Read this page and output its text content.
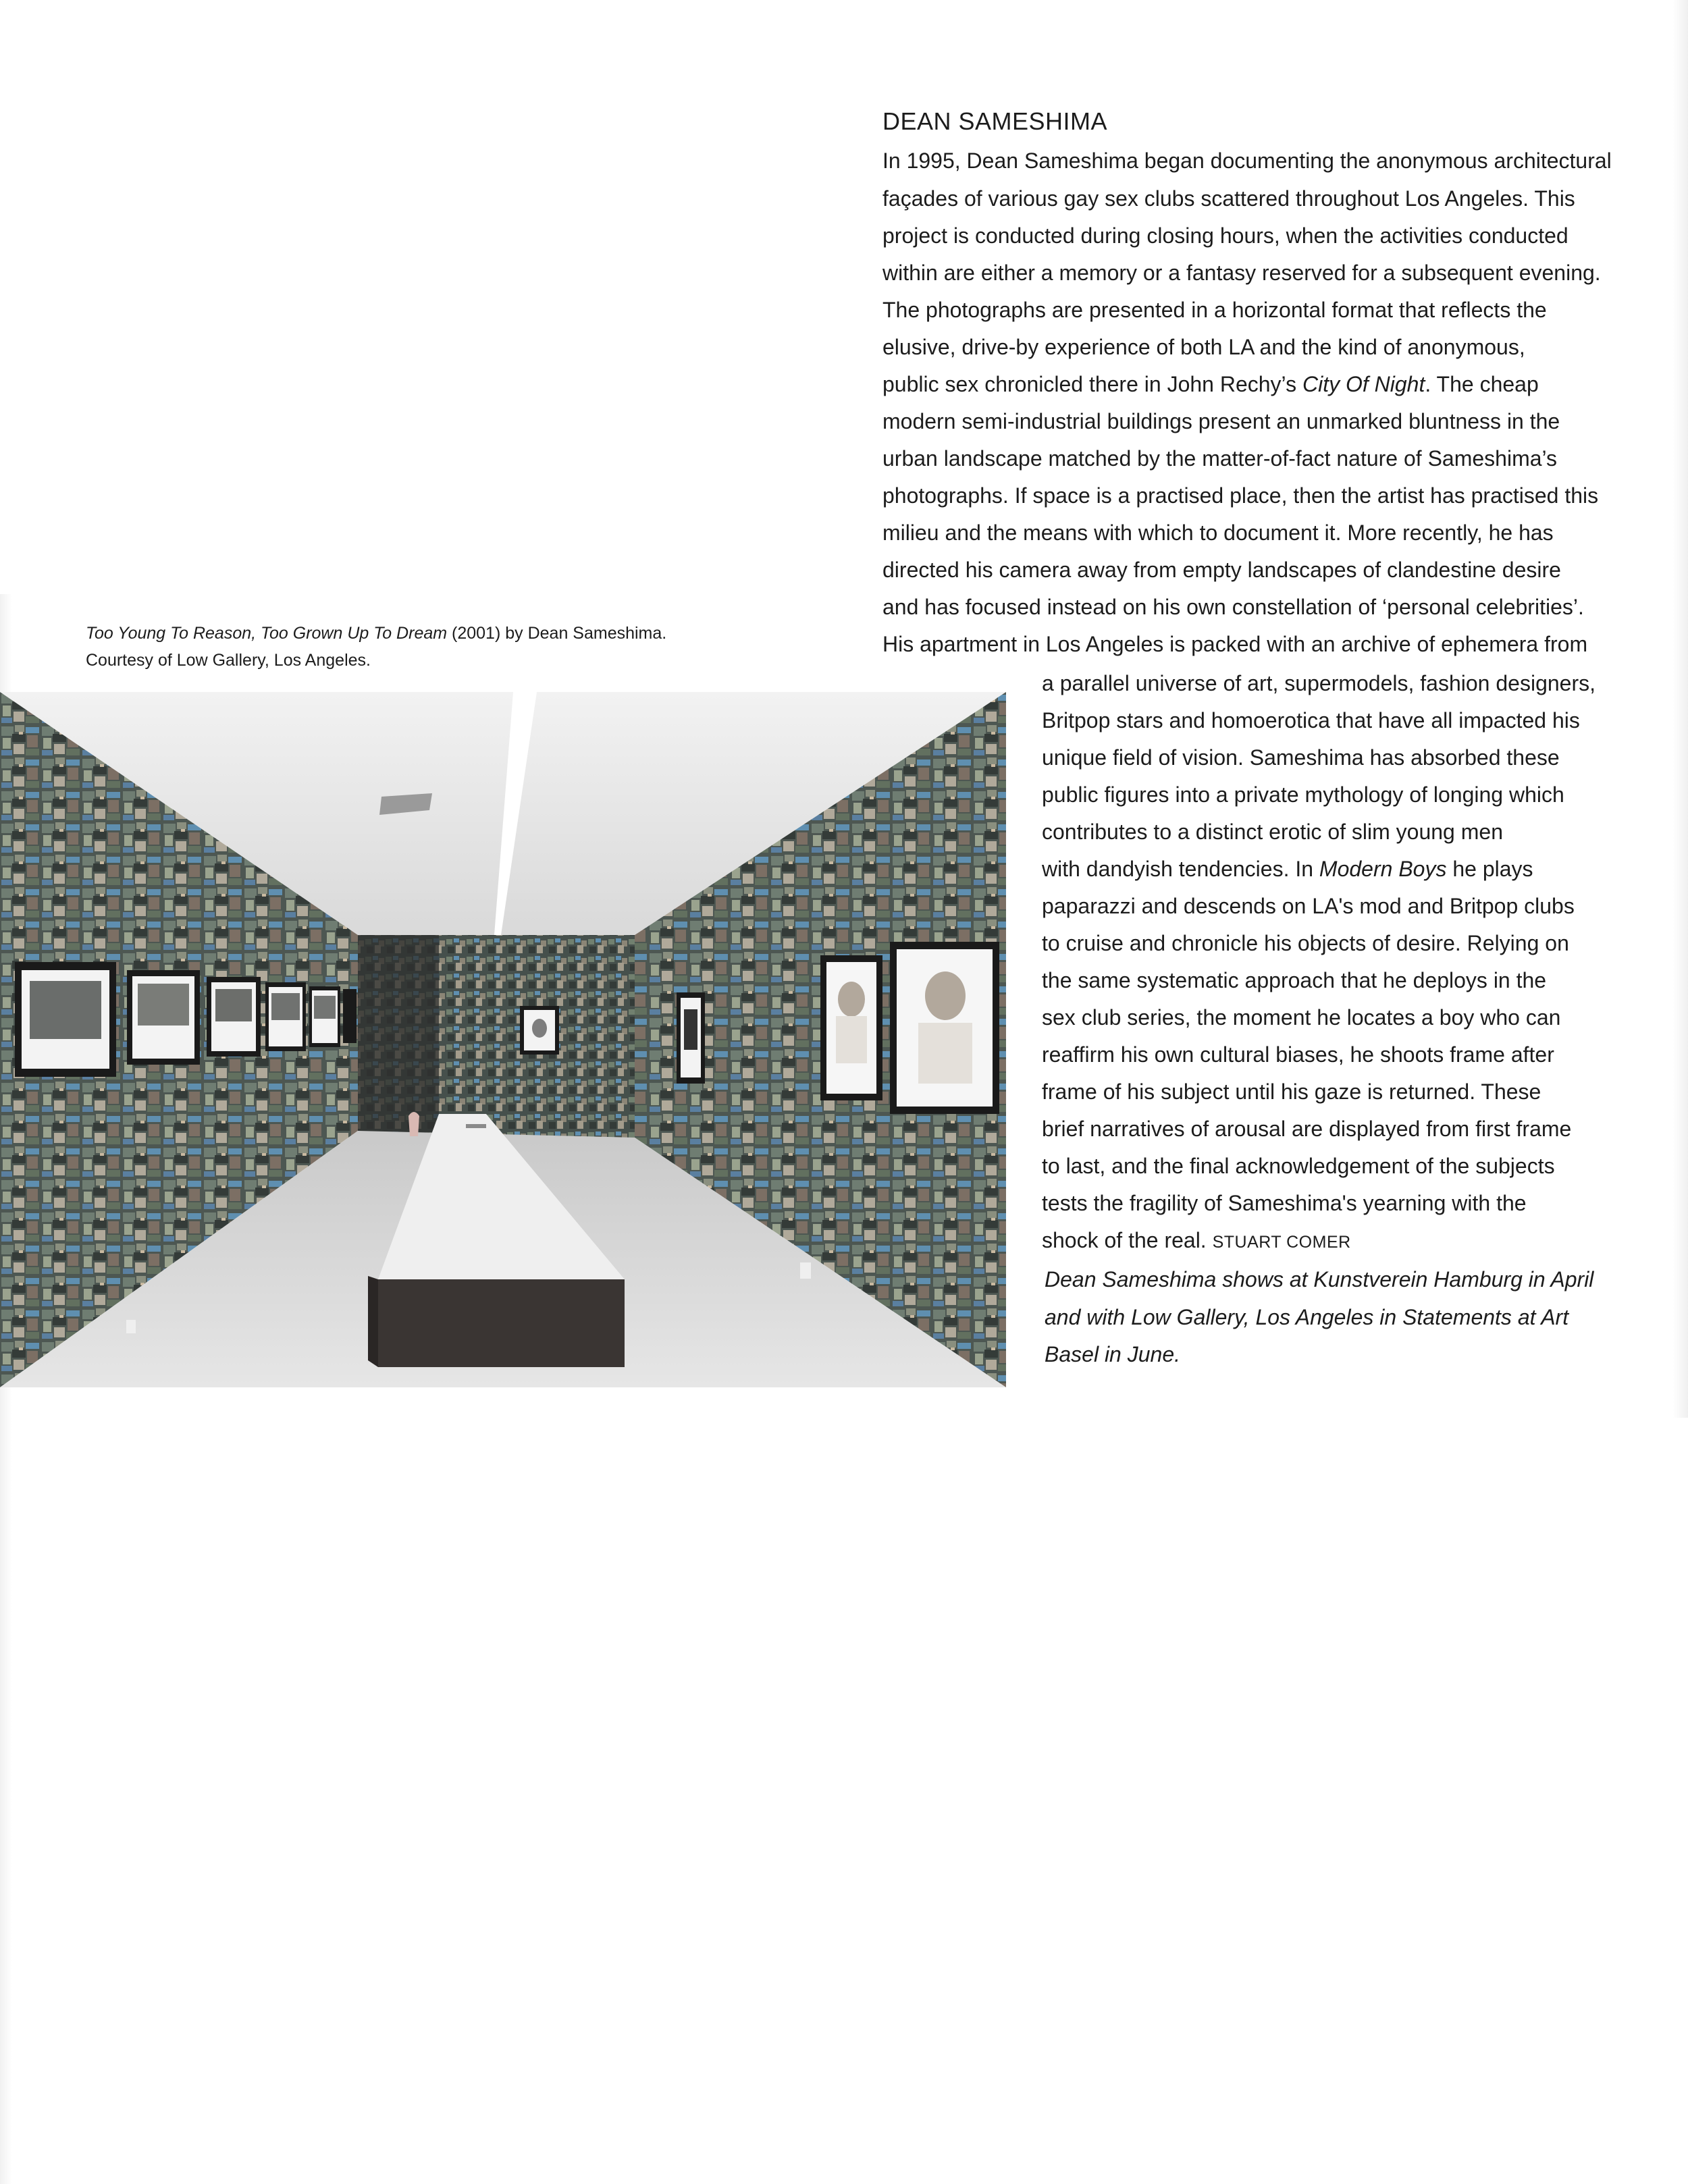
DEAN SAMESHIMA

In 1995, Dean Sameshima began documenting the anonymous architectural

façades of various gay sex clubs scattered throughout Los Angeles. This

project is conducted during closing hours, when the activities conducted

within are either a memory or a fantasy reserved for a subsequent evening.

The photographs are presented in a horizontal format that reflects the

elusive, drive-by experience of both LA and the kind of anonymous,

public sex chronicled there in John Rechy’s City Of Night. The cheap

modern semi-industrial buildings present an unmarked bluntness in the

urban landscape matched by the matter-of-fact nature of Sameshima’s

photographs. If space is a practised place, then the artist has practised this

milieu and the means with which to document it. More recently, he has

directed his camera away from empty landscapes of clandestine desire

and has focused instead on his own constellation of ‘personal celebrities’.

His apartment in Los Angeles is packed with an archive of ephemera from

a parallel universe of art, supermodels, fashion designers,

Britpop stars and homoerotica that have all impacted his

unique field of vision. Sameshima has absorbed these

public figures into a private mythology of longing which

contributes to a distinct erotic of slim young men

with dandyish tendencies. In Modern Boys he plays

paparazzi and descends on LA's mod and Britpop clubs

to cruise and chronicle his objects of desire. Relying on

the same systematic approach that he deploys in the

sex club series, the moment he locates a boy who can

reaffirm his own cultural biases, he shoots frame after

frame of his subject until his gaze is returned. These

brief narratives of arousal are displayed from first frame

to last, and the final acknowledgement of the subjects

tests the fragility of Sameshima's yearning with the

shock of the real. STUART COMER

Dean Sameshima shows at Kunstverein Hamburg in April

and with Low Gallery, Los Angeles in Statements at Art

Basel in June.

Too Young To Reason, Too Grown Up To Dream (2001) by Dean Sameshima.

Courtesy of Low Gallery, Los Angeles.
